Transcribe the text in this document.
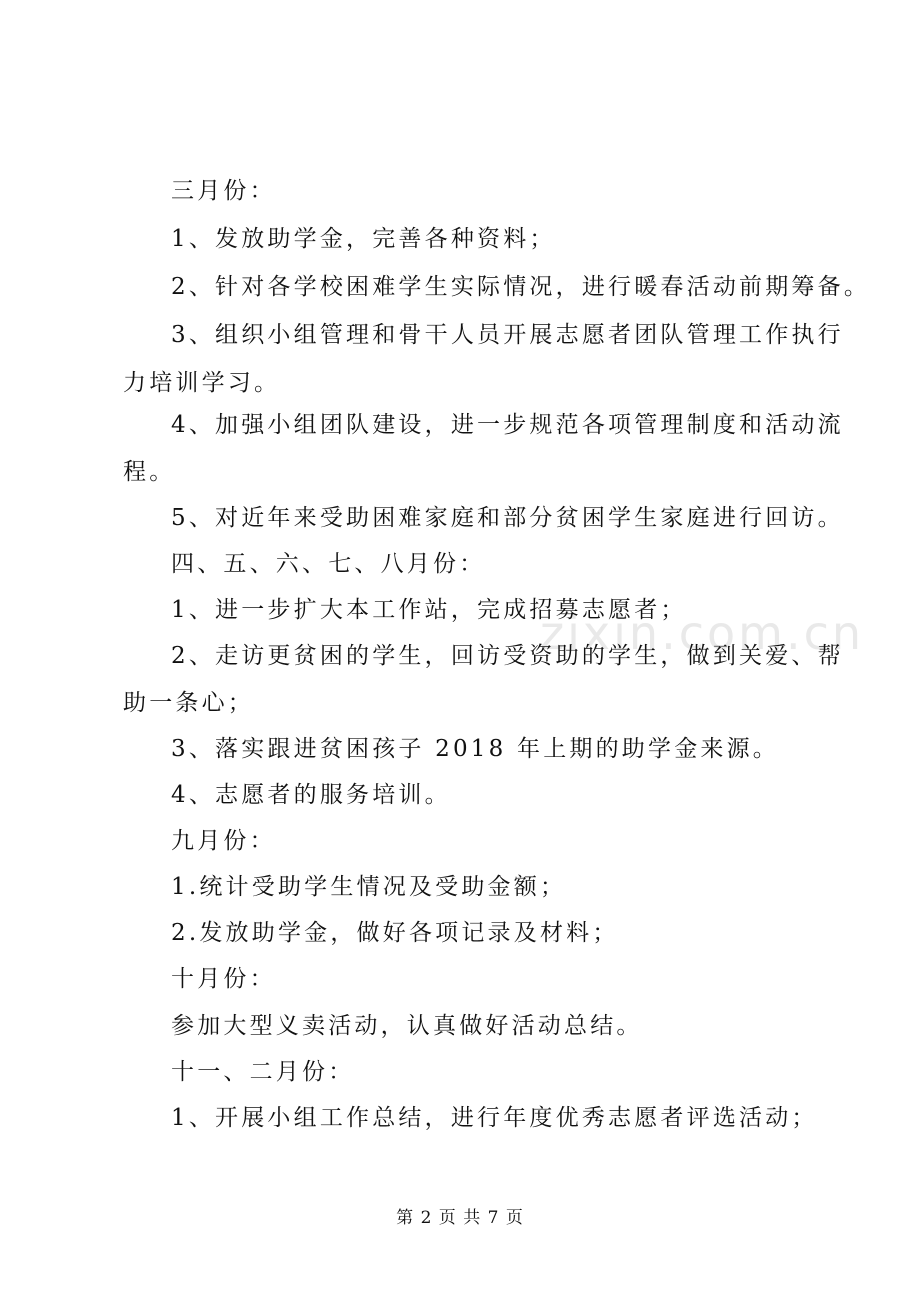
zixin.com.cn
三月份：
1、发放助学金，完善各种资料；
2、针对各学校困难学生实际情况，进行暖春活动前期筹备。
3、组织小组管理和骨干人员开展志愿者团队管理工作执行
力培训学习。
4、加强小组团队建设，进一步规范各项管理制度和活动流
程。
5、对近年来受助困难家庭和部分贫困学生家庭进行回访。
四、五、六、七、八月份：
1、进一步扩大本工作站，完成招募志愿者；
2、走访更贫困的学生，回访受资助的学生，做到关爱、帮
助一条心；
3、落实跟进贫困孩子 2018 年上期的助学金来源。
4、志愿者的服务培训。
九月份：
1.统计受助学生情况及受助金额；
2.发放助学金，做好各项记录及材料；
十月份：
参加大型义卖活动，认真做好活动总结。
十一、二月份：
1、开展小组工作总结，进行年度优秀志愿者评选活动；
第 2 页 共 7 页
